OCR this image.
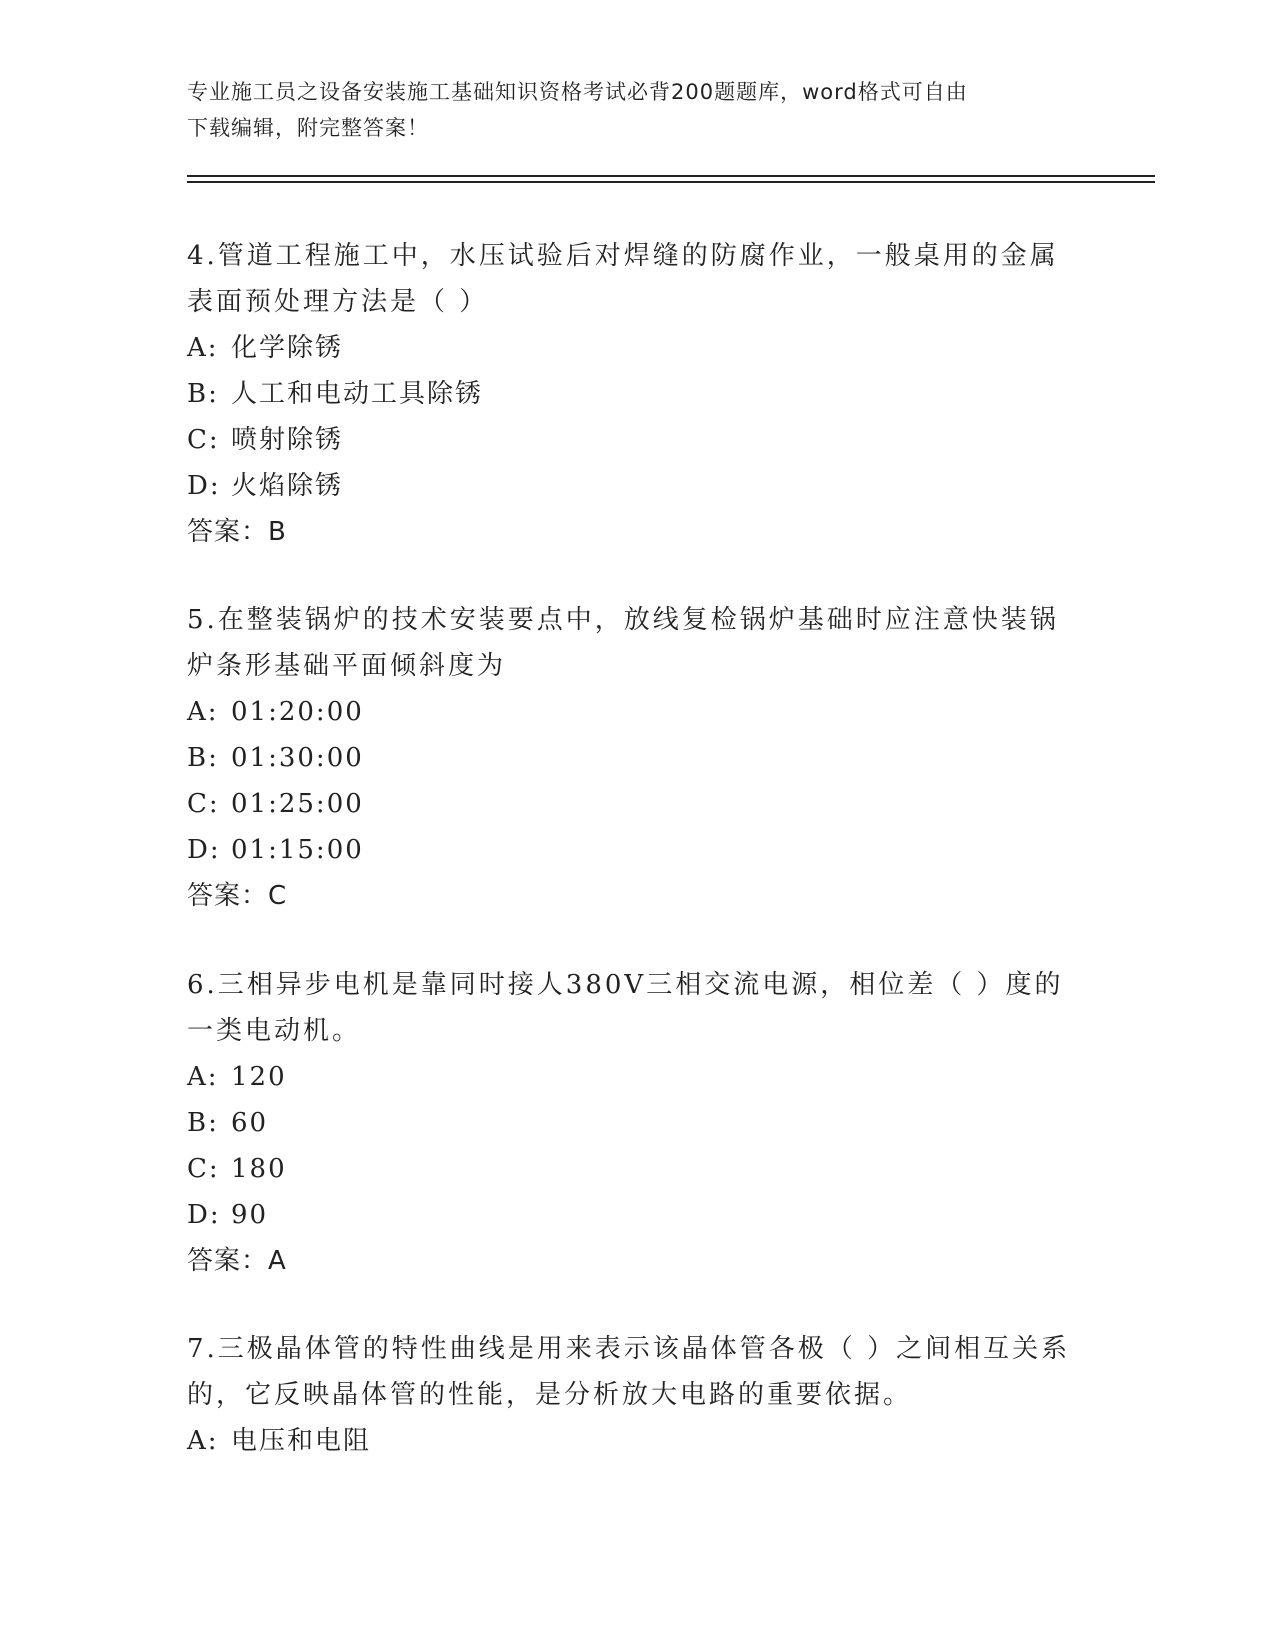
专业施工员之设备安装施工基础知识资格考试必背200题题库，word格式可自由
下载编辑，附完整答案！
4.管道工程施工中，水压试验后对焊缝的防腐作业，一般桌用的金属表面预处理方法是（ ）
A: 化学除锈
B: 人工和电动工具除锈
C: 喷射除锈
D: 火焰除锈
答案：B
5.在整装锅炉的技术安装要点中，放线复检锅炉基础时应注意快装锅炉条形基础平面倾斜度为
A: 01:20:00
B: 01:30:00
C: 01:25:00
D: 01:15:00
答案：C
6.三相异步电机是靠同时接人380V三相交流电源，相位差（ ）度的一类电动机。
A: 120
B: 60
C: 180
D: 90
答案：A
7.三极晶体管的特性曲线是用来表示该晶体管各极（ ）之间相互关系的，它反映晶体管的性能，是分析放大电路的重要依据。
A: 电压和电阻
